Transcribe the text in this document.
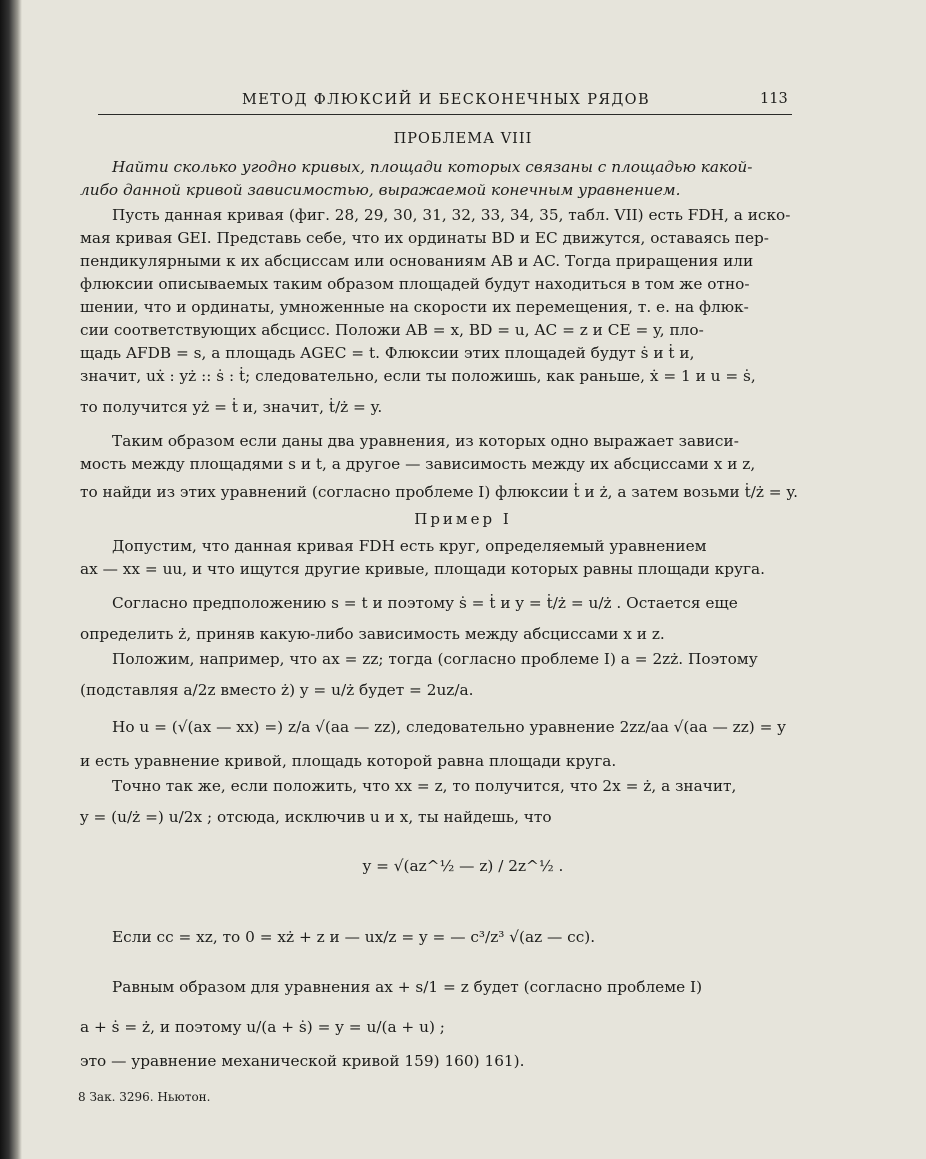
МЕТОД ФЛЮКСИЙ И БЕСКОНЕЧНЫХ РЯДОВ	113
ПРОБЛЕМА VIII
Найти сколько угодно кривых, площади которых связаны с площадью какой-
либо данной кривой зависимостью, выражаемой конечным уравнением.
Пусть данная кривая (фиг. 28, 29, 30, 31, 32, 33, 34, 35, табл. VII) есть FDH, а иско-
мая кривая GEI. Представь себе, что их ординаты BD и EC движутся, оставаясь пер-
пендикулярными к их абсциссам или основаниям AB и AC. Тогда приращения или
флюксии описываемых таким образом площадей будут находиться в том же отно-
шении, что и ординаты, умноженные на скорости их перемещения, т. е. на флюк-
сии соответствующих абсцисс. Положи AB = x, BD = u, AC = z и CE = y, пло-
щадь AFDB = s, а площадь AGEC = t. Флюксии этих площадей будут ṡ и ṫ и,
значит, uẋ : yż :: ṡ : ṫ; следовательно, если ты положишь, как раньше, ẋ = 1 и u = ṡ,
то получится yż = ṫ и, значит, ṫ/ż = y.
Таким образом если даны два уравнения, из которых одно выражает зависи-
мость между площадями s и t, а другое — зависимость между их абсциссами x и z,
то найди из этих уравнений (согласно проблеме I) флюксии ṫ и ż, а затем возьми ṫ/ż = y.
Пример I
Допустим, что данная кривая FDH есть круг, определяемый уравнением
ax — xx = uu, и что ищутся другие кривые, площади которых равны площади круга.
Согласно предположению s = t и поэтому ṡ = ṫ и y = ṫ/ż = u/ż . Остается еще
определить ż, приняв какую-либо зависимость между абсциссами x и z.
Положим, например, что ax = zz; тогда (согласно проблеме I) a = 2zż. Поэтому
(подставляя a/2z вместо ż) y = u/ż будет = 2uz/a.
Но u = (√(ax — xx) =) z/a √(aa — zz), следовательно уравнение 2zz/aa √(aa — zz) = y
и есть уравнение кривой, площадь которой равна площади круга.
Точно так же, если положить, что xx = z, то получится, что 2x = ż, а значит,
y = (u/ż =) u/2x ; отсюда, исключив u и x, ты найдешь, что
y = √(az^½ — z) / 2z^½ .
Если cc = xz, то 0 = xż + z и — ux/z = y = — c³/z³ √(az — cc).
Равным образом для уравнения ax + s/1 = z будет (согласно проблеме I)
a + ṡ = ż, и поэтому u/(a + ṡ) = y = u/(a + u) ;
это — уравнение механической кривой 159) 160) 161).
8 Зак. 3296. Ньютон.
